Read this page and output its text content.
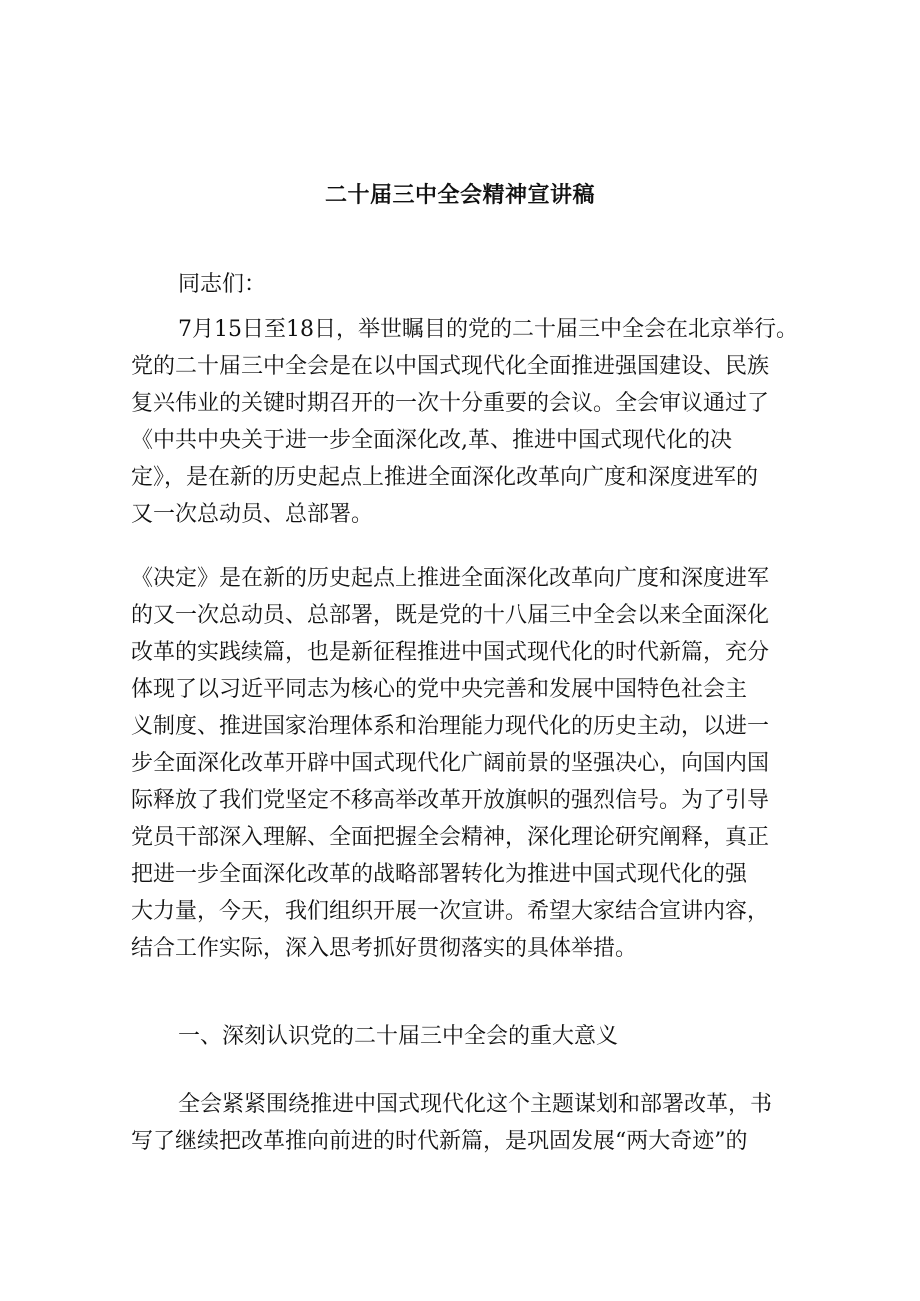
二十届三中全会精神宣讲稿
同志们：
7月15日至18日，举世瞩目的党的二十届三中全会在北京举行。
党的二十届三中全会是在以中国式现代化全面推进强国建设、民族
复兴伟业的关键时期召开的一次十分重要的会议。全会审议通过了
《中共中央关于进一步全面深化改,革、推进中国式现代化的决
定》，是在新的历史起点上推进全面深化改革向广度和深度进军的
又一次总动员、总部署。
《决定》是在新的历史起点上推进全面深化改革向广度和深度进军
的又一次总动员、总部署，既是党的十八届三中全会以来全面深化
改革的实践续篇，也是新征程推进中国式现代化的时代新篇，充分
体现了以习近平同志为核心的党中央完善和发展中国特色社会主
义制度、推进国家治理体系和治理能力现代化的历史主动，以进一
步全面深化改革开辟中国式现代化广阔前景的坚强决心，向国内国
际释放了我们党坚定不移高举改革开放旗帜的强烈信号。为了引导
党员干部深入理解、全面把握全会精神，深化理论研究阐释，真正
把进一步全面深化改革的战略部署转化为推进中国式现代化的强
大力量，今天，我们组织开展一次宣讲。希望大家结合宣讲内容，
结合工作实际，深入思考抓好贯彻落实的具体举措。
一、深刻认识党的二十届三中全会的重大意义
全会紧紧围绕推进中国式现代化这个主题谋划和部署改革，书
写了继续把改革推向前进的时代新篇，是巩固发展“两大奇迹”的
